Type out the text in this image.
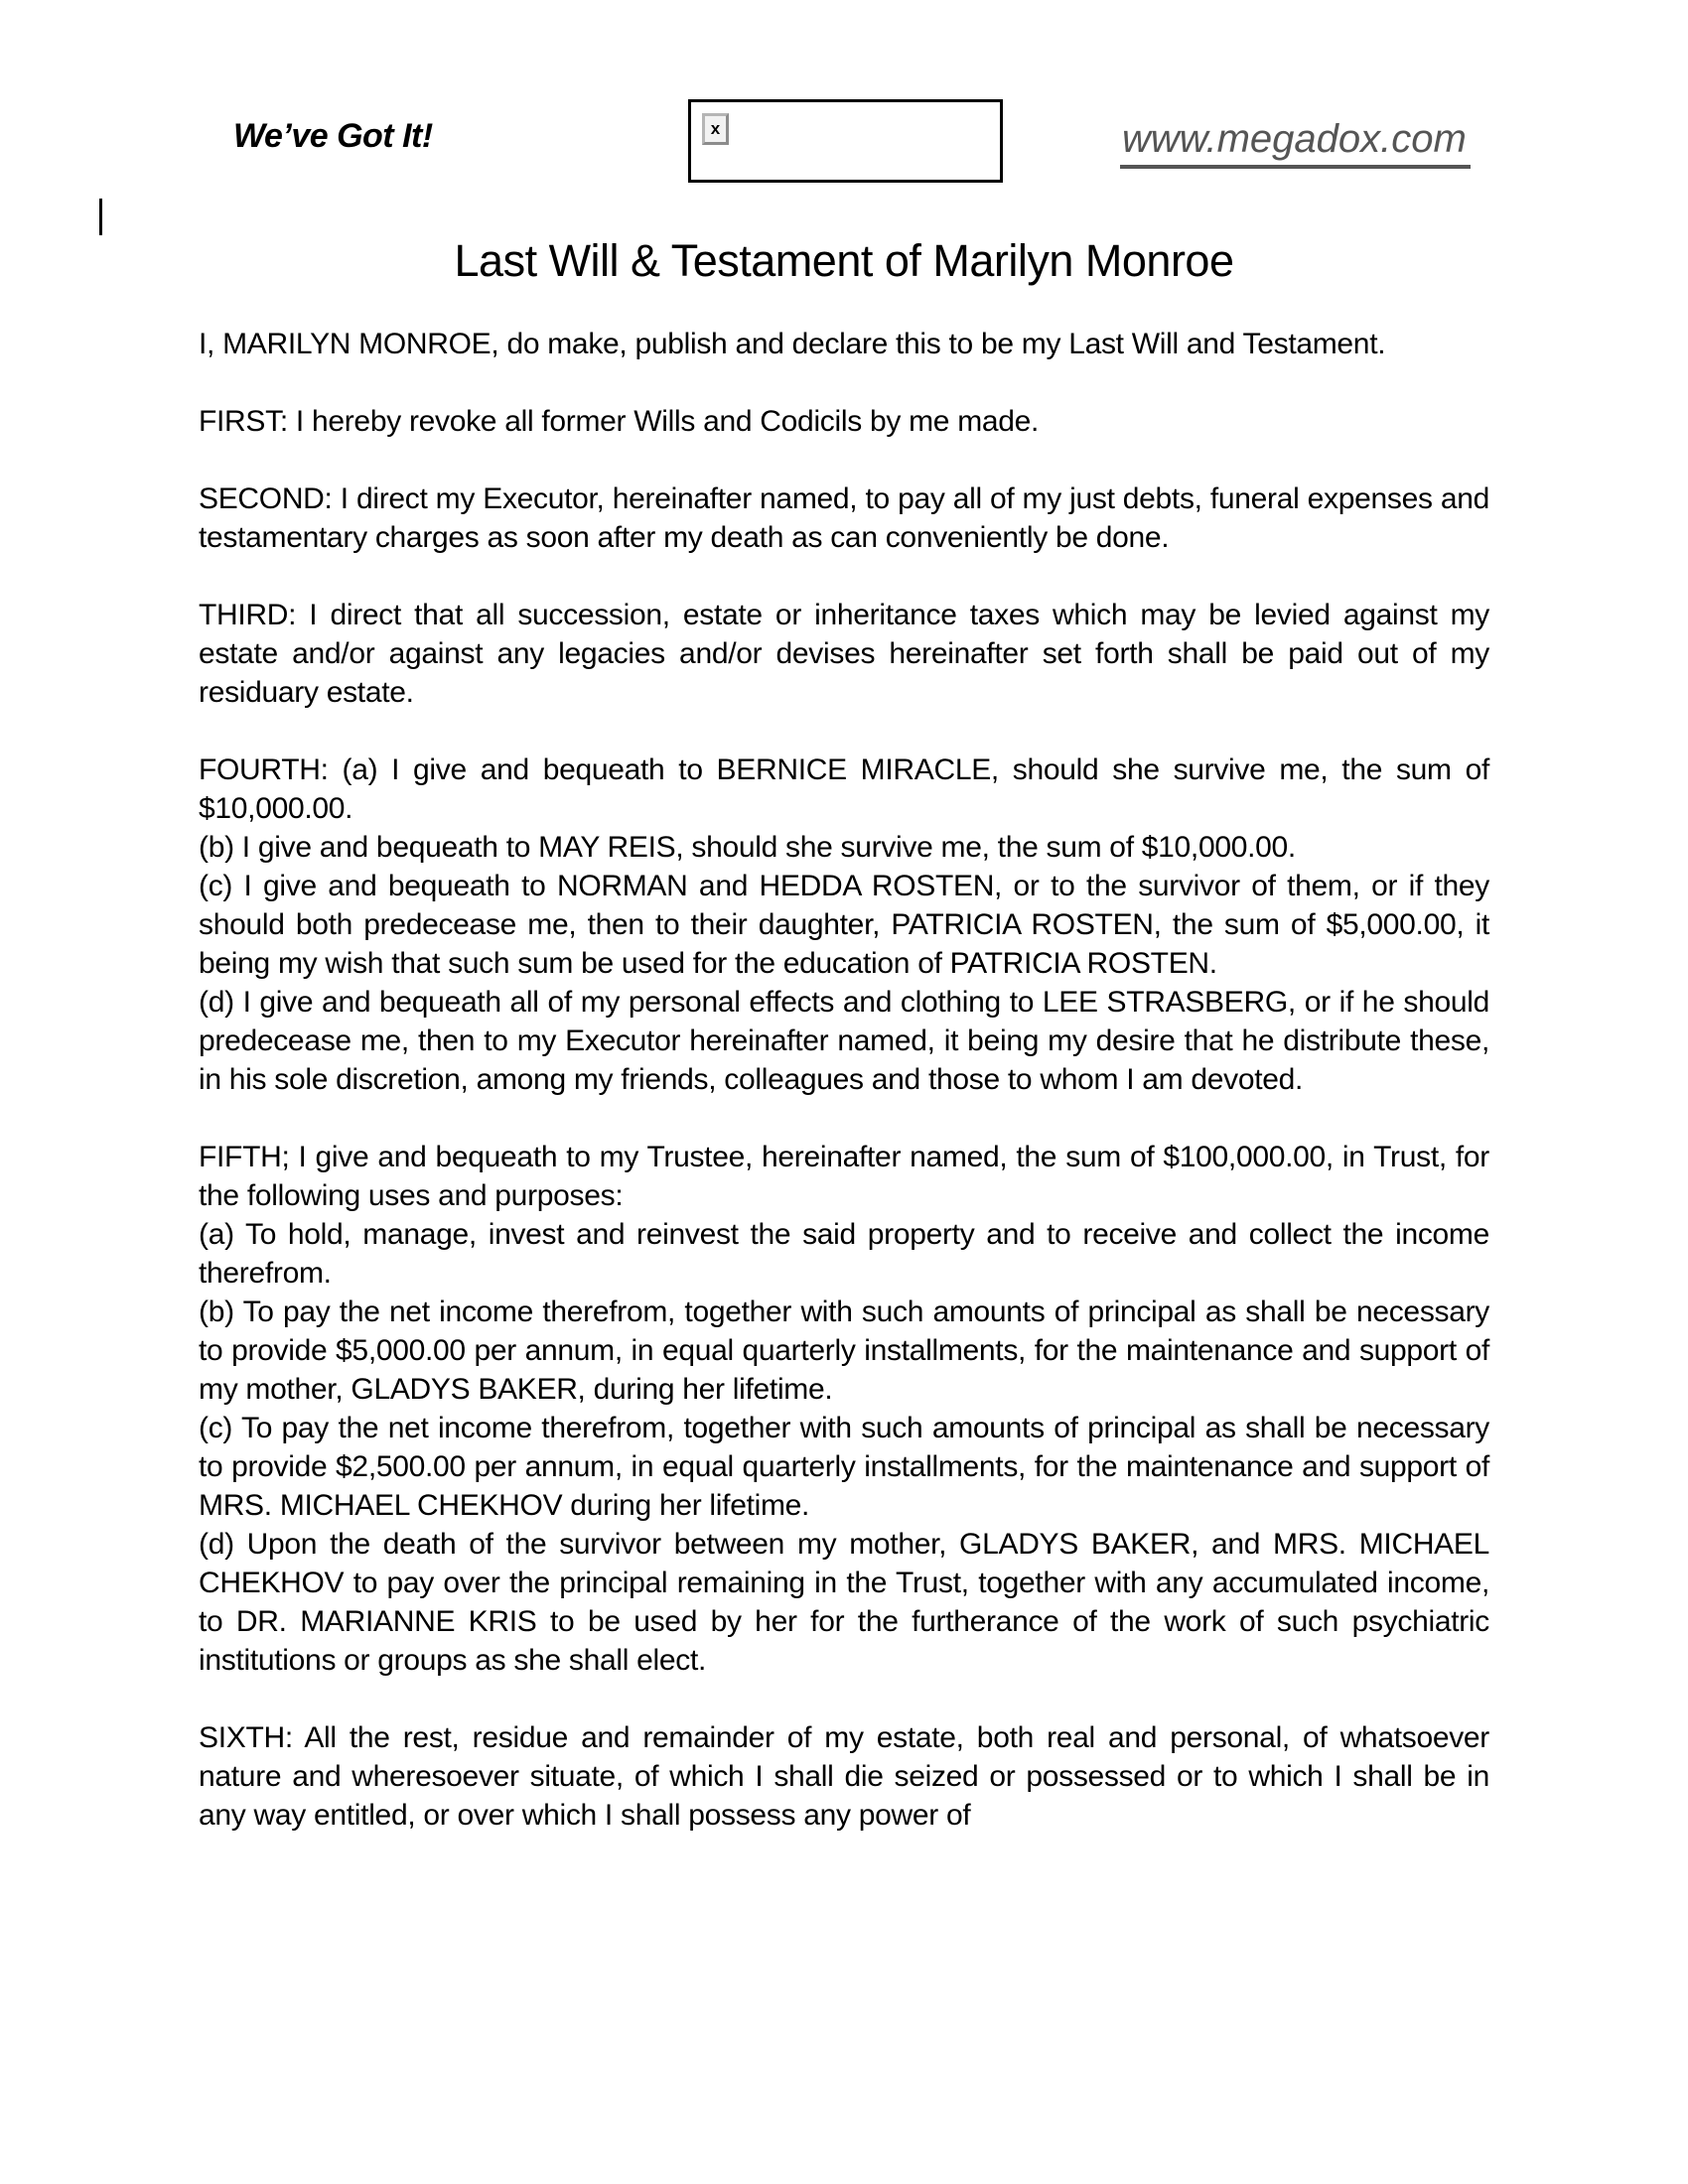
We’ve Got It!	x	www.megadox.com
Last Will & Testament of Marilyn Monroe

I, MARILYN MONROE, do make, publish and declare this to be my Last Will and Testament.

FIRST: I hereby revoke all former Wills and Codicils by me made.

SECOND: I direct my Executor, hereinafter named, to pay all of my just debts, funeral expenses and testamentary charges as soon after my death as can conveniently be done.

THIRD: I direct that all succession, estate or inheritance taxes which may be levied against my estate and/or against any legacies and/or devises hereinafter set forth shall be paid out of my residuary estate.

FOURTH: (a) I give and bequeath to BERNICE MIRACLE, should she survive me, the sum of $10,000.00.

(b) I give and bequeath to MAY REIS, should she survive me, the sum of $10,000.00.

(c) I give and bequeath to NORMAN and HEDDA ROSTEN, or to the survivor of them, or if they should both predecease me, then to their daughter, PATRICIA ROSTEN, the sum of $5,000.00, it being my wish that such sum be used for the education of PATRICIA ROSTEN.

(d) I give and bequeath all of my personal effects and clothing to LEE STRASBERG, or if he should predecease me, then to my Executor hereinafter named, it being my desire that he distribute these, in his sole discretion, among my friends, colleagues and those to whom I am devoted.

FIFTH; I give and bequeath to my Trustee, hereinafter named, the sum of $100,000.00, in Trust, for the following uses and purposes:

(a) To hold, manage, invest and reinvest the said property and to receive and collect the income therefrom.

(b) To pay the net income therefrom, together with such amounts of principal as shall be necessary to provide $5,000.00 per annum, in equal quarterly installments, for the maintenance and support of my mother, GLADYS BAKER, during her lifetime.

(c) To pay the net income therefrom, together with such amounts of principal as shall be necessary to provide $2,500.00 per annum, in equal quarterly installments, for the maintenance and support of MRS. MICHAEL CHEKHOV during her lifetime.

(d) Upon the death of the survivor between my mother, GLADYS BAKER, and MRS. MICHAEL CHEKHOV to pay over the principal remaining in the Trust, together with any accumulated income, to DR. MARIANNE KRIS to be used by her for the furtherance of the work of such psychiatric institutions or groups as she shall elect.

SIXTH: All the rest, residue and remainder of my estate, both real and personal, of whatsoever nature and wheresoever situate, of which I shall die seized or possessed or to which I shall be in any way entitled, or over which I shall possess any power of
